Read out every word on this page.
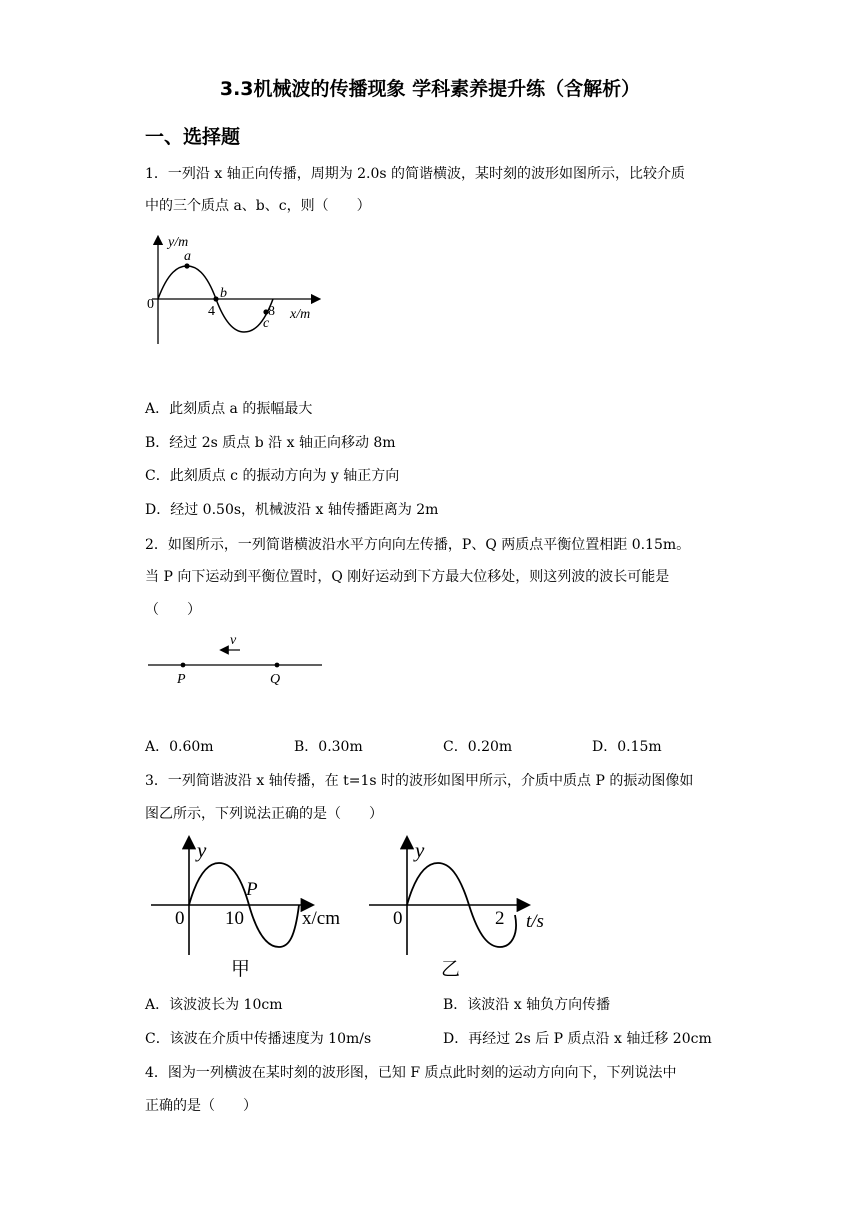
3.3机械波的传播现象 学科素养提升练（含解析）
一、选择题
1．一列沿 x 轴正向传播，周期为 2.0s 的简谐横波，某时刻的波形如图所示，比较介质
中的三个质点 a、b、c，则（　　）
y/m
a
b
c
0	4	8 x/m
A．此刻质点 a 的振幅最大
B．经过 2s 质点 b 沿 x 轴正向移动 8m
C．此刻质点 c 的振动方向为 y 轴正方向
D．经过 0.50s，机械波沿 x 轴传播距离为 2m
2．如图所示，一列简谐横波沿水平方向向左传播，P、Q 两质点平衡位置相距 0.15m。
当 P 向下运动到平衡位置时，Q 刚好运动到下方最大位移处，则这列波的波长可能是
（　　）
v
P	Q
A．0.60m	B．0.30m	C．0.20m	D．0.15m
3．一列简谐波沿 x 轴传播，在 t=1s 时的波形如图甲所示，介质中质点 P 的振动图像如
图乙所示，下列说法正确的是（　　）
y
P
0 10	x/cm
甲
y
0	2 t/s
乙
A．该波波长为 10cm	B．该波沿 x 轴负方向传播
C．该波在介质中传播速度为 10m/s	D．再经过 2s 后 P 质点沿 x 轴迁移 20cm
4．图为一列横波在某时刻的波形图，已知 F 质点此时刻的运动方向向下，下列说法中
正确的是（　　）
